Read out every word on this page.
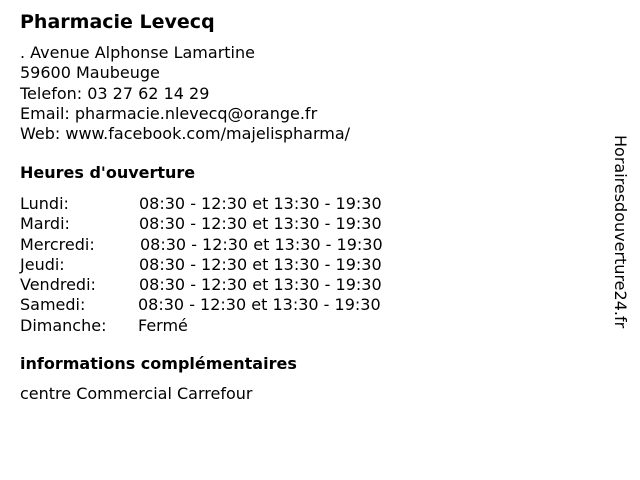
Pharmacie Levecq
. Avenue Alphonse Lamartine
59600 Maubeuge
Telefon: 03 27 62 14 29
Email: pharmacie.nlevecq@orange.fr
Web: www.facebook.com/majelispharma/
Heures d'ouverture
Lundi:	08:30 - 12:30 et 13:30 - 19:30
Mardi:	08:30 - 12:30 et 13:30 - 19:30
Mercredi:	08:30 - 12:30 et 13:30 - 19:30
Jeudi:	08:30 - 12:30 et 13:30 - 19:30
Vendredi:	08:30 - 12:30 et 13:30 - 19:30
Samedi:	08:30 - 12:30 et 13:30 - 19:30
Dimanche: Fermé
informations complémentaires
centre Commercial Carrefour
Horairesdouverture24.fr
